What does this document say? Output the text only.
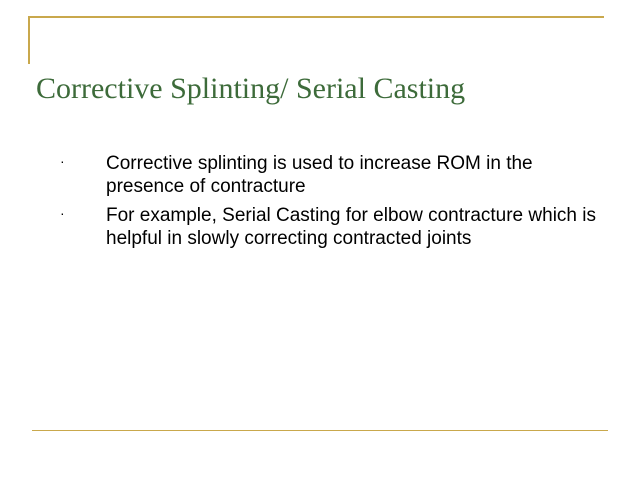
Corrective Splinting/ Serial Casting
· Corrective splinting is used to increase ROM in the presence of contracture
· For example, Serial Casting for elbow contracture which is helpful in slowly correcting contracted joints
